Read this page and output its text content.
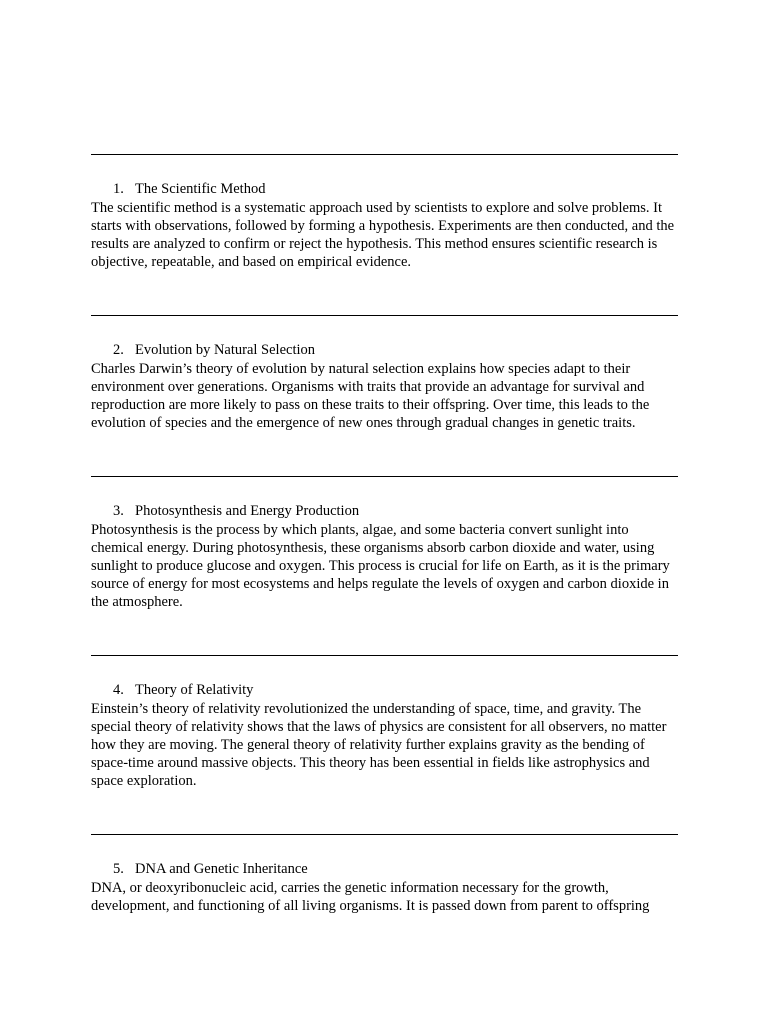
1. The Scientific Method
The scientific method is a systematic approach used by scientists to explore and solve problems. It starts with observations, followed by forming a hypothesis. Experiments are then conducted, and the results are analyzed to confirm or reject the hypothesis. This method ensures scientific research is objective, repeatable, and based on empirical evidence.
2. Evolution by Natural Selection
Charles Darwin’s theory of evolution by natural selection explains how species adapt to their environment over generations. Organisms with traits that provide an advantage for survival and reproduction are more likely to pass on these traits to their offspring. Over time, this leads to the evolution of species and the emergence of new ones through gradual changes in genetic traits.
3. Photosynthesis and Energy Production
Photosynthesis is the process by which plants, algae, and some bacteria convert sunlight into chemical energy. During photosynthesis, these organisms absorb carbon dioxide and water, using sunlight to produce glucose and oxygen. This process is crucial for life on Earth, as it is the primary source of energy for most ecosystems and helps regulate the levels of oxygen and carbon dioxide in the atmosphere.
4. Theory of Relativity
Einstein’s theory of relativity revolutionized the understanding of space, time, and gravity. The special theory of relativity shows that the laws of physics are consistent for all observers, no matter how they are moving. The general theory of relativity further explains gravity as the bending of space-time around massive objects. This theory has been essential in fields like astrophysics and space exploration.
5. DNA and Genetic Inheritance
DNA, or deoxyribonucleic acid, carries the genetic information necessary for the growth, development, and functioning of all living organisms. It is passed down from parent to offspring
